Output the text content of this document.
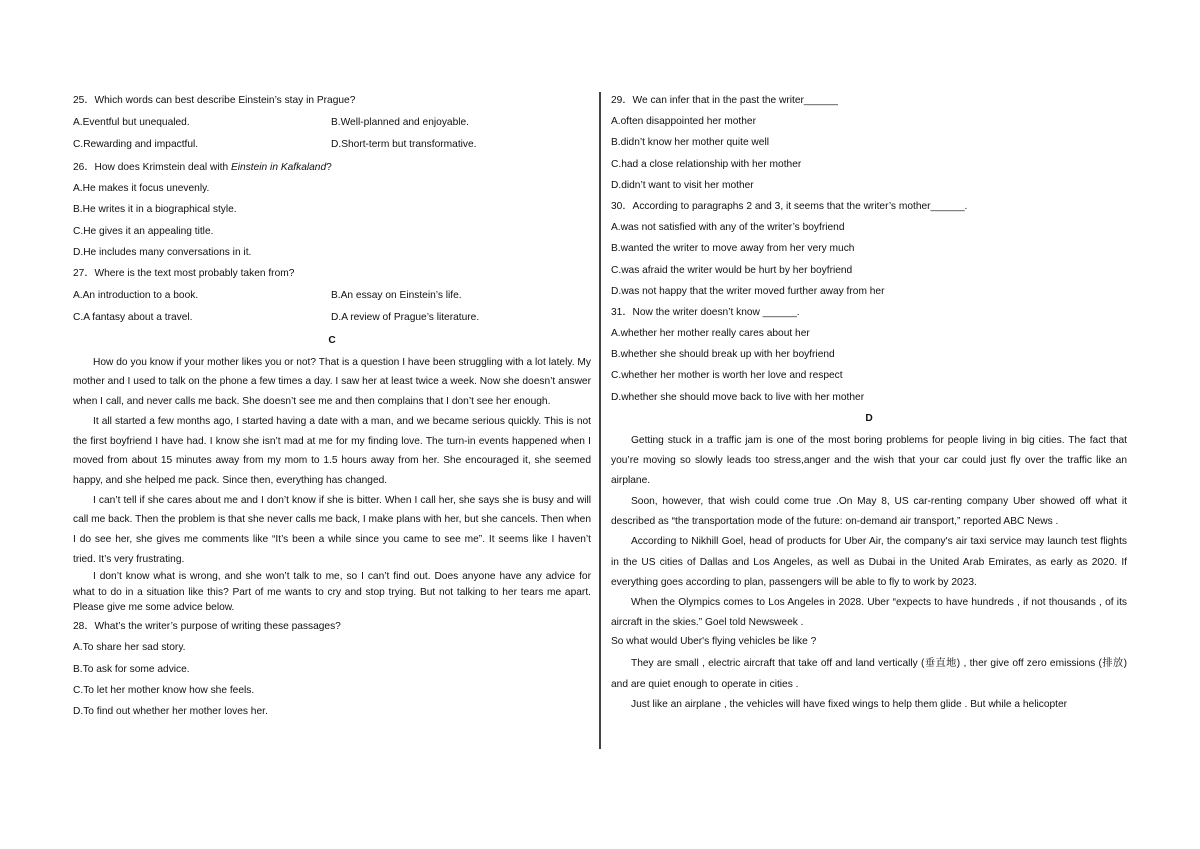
25．Which words can best describe Einstein’s stay in Prague?
A.Eventful but unequaled.	B.Well-planned and enjoyable.
C.Rewarding and impactful.	D.Short-term but transformative.
26．How does Krimstein deal with Einstein in Kafkaland?
A.He makes it focus unevenly.
B.He writes it in a biographical style.
C.He gives it an appealing title.
D.He includes many conversations in it.
27．Where is the text most probably taken from?
A.An introduction to a book.	B.An essay on Einstein’s life.
C.A fantasy about a travel.	D.A review of Prague’s literature.
C

How do you know if your mother likes you or not? That is a question I have been struggling with a lot lately. My mother and I used to talk on the phone a few times a day. I saw her at least twice a week. Now she doesn’t answer when I call, and never calls me back. She doesn’t see me and then complains that I don’t see her enough.

It all started a few months ago, I started having a date with a man, and we became serious quickly. This is not the first boyfriend I have had. I know she isn’t mad at me for my finding love. The turn-in events happened when I moved from about 15 minutes away from my mom to 1.5 hours away from her. She encouraged it, she seemed happy, and she helped me pack. Since then, everything has changed.

I can’t tell if she cares about me and I don’t know if she is bitter. When I call her, she says she is busy and will call me back. Then the problem is that she never calls me back, I make plans with her, but she cancels. Then when I do see her, she gives me comments like “It’s been a while since you came to see me”. It seems like I haven’t tried. It’s very frustrating.

I don’t know what is wrong, and she won’t talk to me, so I can’t find out. Does anyone have any advice for what to do in a situation like this? Part of me wants to cry and stop trying. But not talking to her tears me apart. Please give me some advice below.

28．What’s the writer’s purpose of writing these passages?
A.To share her sad story.
B.To ask for some advice.
C.To let her mother know how she feels.
D.To find out whether her mother loves her.
29．We can infer that in the past the writer______
A.often disappointed her mother
B.didn’t know her mother quite well
C.had a close relationship with her mother
D.didn’t want to visit her mother
30．According to paragraphs 2 and 3, it seems that the writer’s mother______.
A.was not satisfied with any of the writer’s boyfriend
B.wanted the writer to move away from her very much
C.was afraid the writer would be hurt by her boyfriend
D.was not happy that the writer moved further away from her
31．Now the writer doesn’t know ______.
A.whether her mother really cares about her
B.whether she should break up with her boyfriend
C.whether her mother is worth her love and respect
D.whether she should move back to live with her mother
D

Getting stuck in a traffic jam is one of the most boring problems for people living in big cities. The fact that you’re moving so slowly leads too stress,anger and the wish that your car could just fly over the traffic like an airplane.

Soon, however, that wish could come true .On May 8, US car-renting company Uber showed off what it described as “the transportation mode of the future: on-demand air transport,” reported ABC News .

According to Nikhill Goel, head of products for Uber Air, the company's air taxi service may launch test flights in the US cities of Dallas and Los Angeles, as well as Dubai in the United Arab Emirates, as early as 2020. If everything goes according to plan, passengers will be able to fly to work by 2023.

When the Olympics comes to Los Angeles in 2028. Uber “expects to have hundreds , if not thousands , of its aircraft in the skies.” Goel told Newsweek .

So what would Uber's flying vehicles be like ?

They are small , electric aircraft that take off and land vertically (垂直地) , ther give off zero emissions (排放) and are quiet enough to operate in cities .

Just like an airplane , the vehicles will have fixed wings to help them glide . But while a helicopter
